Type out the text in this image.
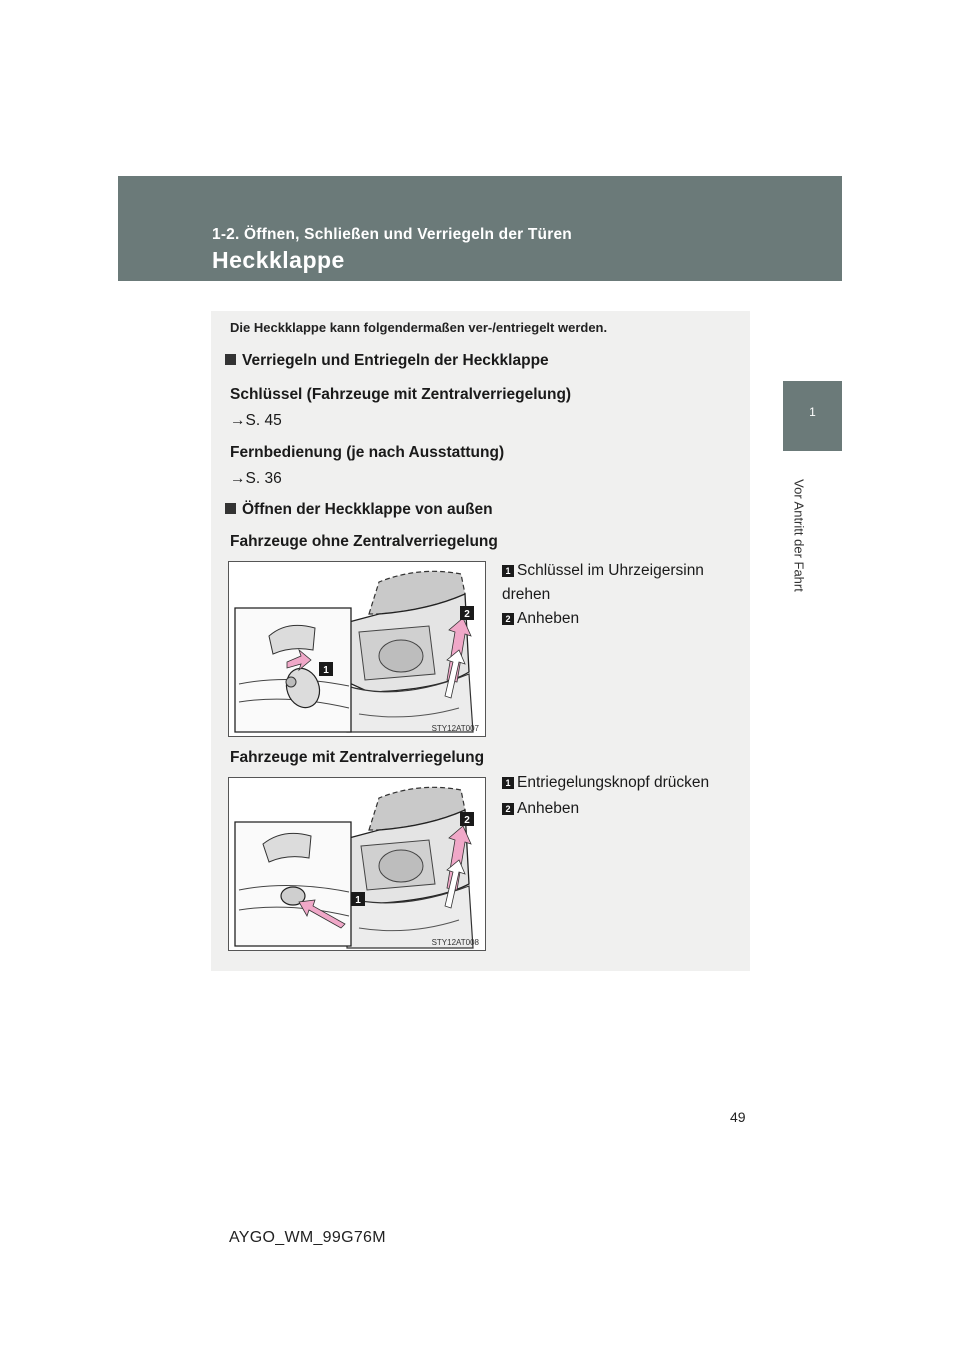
1-2. Öffnen, Schließen und Verriegeln der Türen
Heckklappe
1
Vor Antritt der Fahrt
Die Heckklappe kann folgendermaßen ver-/entriegelt werden.
Verriegeln und Entriegeln der Heckklappe
Schlüssel (Fahrzeuge mit Zentralverriegelung)
→S. 45
Fernbedienung (je nach Ausstattung)
→S. 36
Öffnen der Heckklappe von außen
Fahrzeuge ohne Zentralverriegelung
2
1
STY12AT007
1 Schlüssel im Uhrzeigersinn drehen
2 Anheben
Fahrzeuge mit Zentralverriegelung
2
1
STY12AT008
1 Entriegelungsknopf drücken
2 Anheben
49
AYGO_WM_99G76M
